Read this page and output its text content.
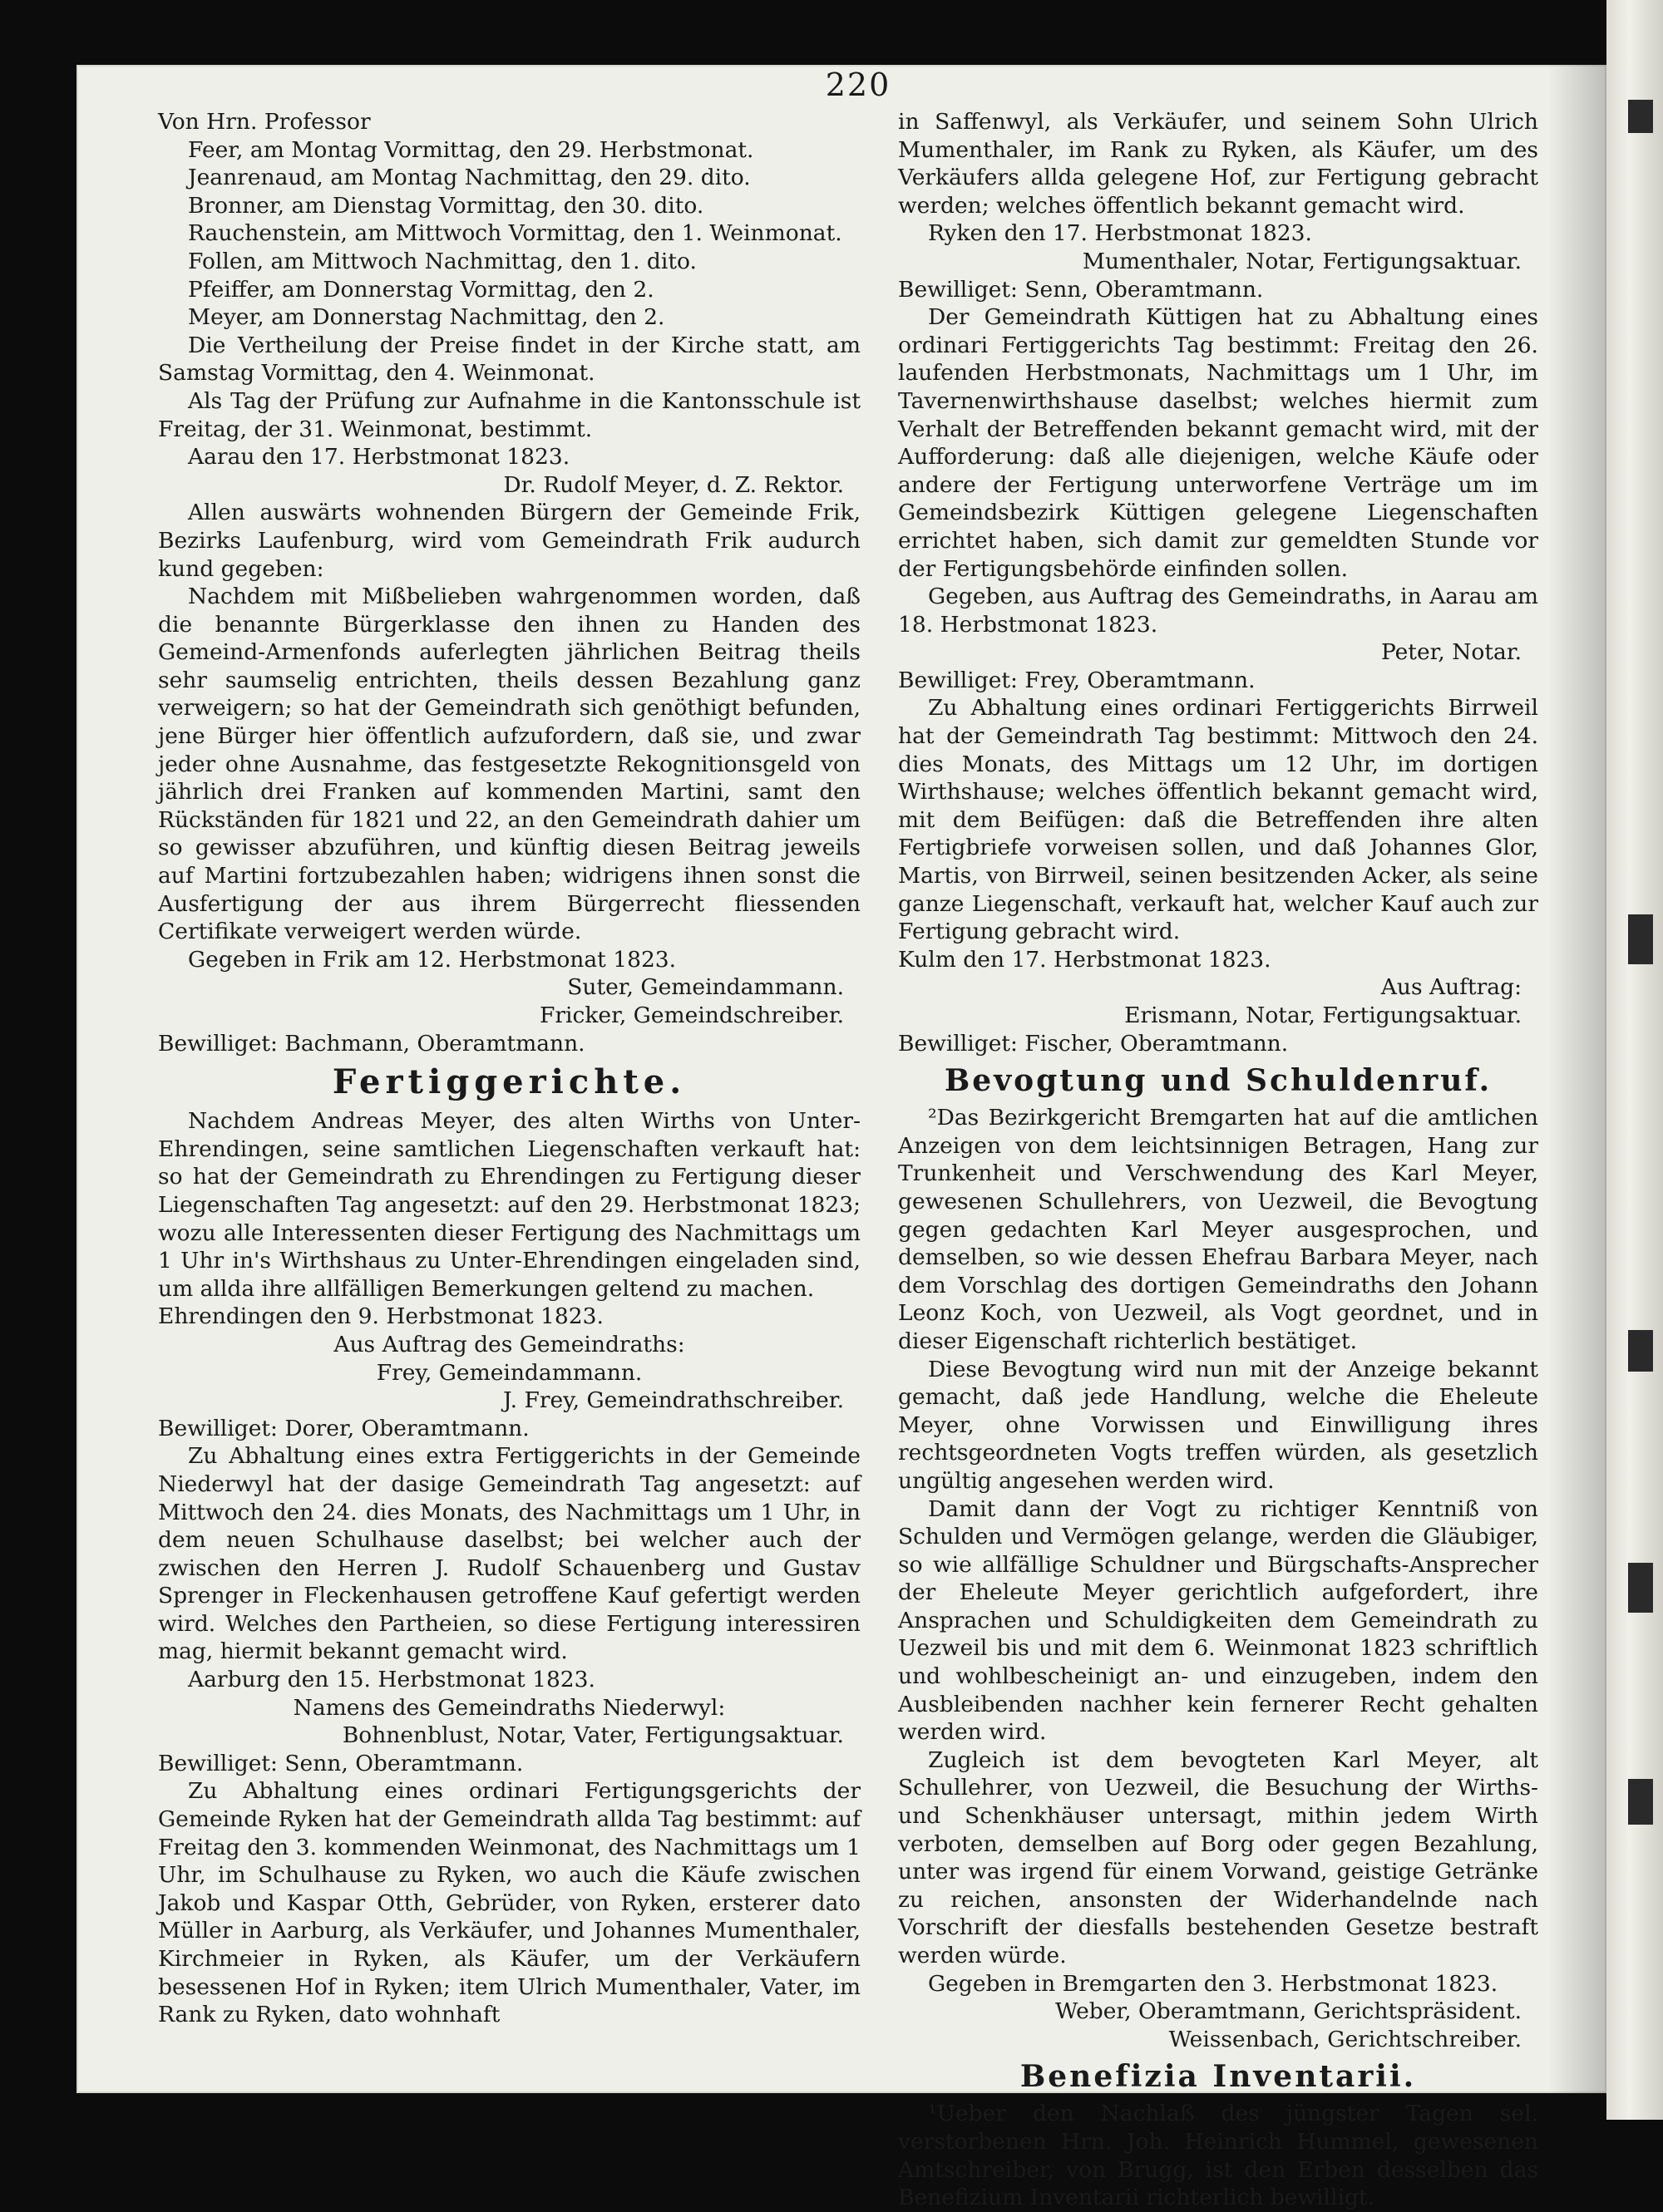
220

Von Hrn. Professor

Feer, am Montag Vormittag, den 29. Herbstmonat.

Jeanrenaud, am Montag Nachmittag, den 29. dito.

Bronner, am Dienstag Vormittag, den 30. dito.

Rauchenstein, am Mittwoch Vormittag, den 1. Weinmonat.

Follen, am Mittwoch Nachmittag, den 1. dito.

Pfeiffer, am Donnerstag Vormittag, den 2.

Meyer, am Donnerstag Nachmittag, den 2.

Die Vertheilung der Preise findet in der Kirche statt, am Samstag Vormittag, den 4. Weinmonat.

Als Tag der Prüfung zur Aufnahme in die Kantonsschule ist Freitag, der 31. Weinmonat, bestimmt.

Aarau den 17. Herbstmonat 1823.

Dr. Rudolf Meyer, d. Z. Rektor.

Allen auswärts wohnenden Bürgern der Gemeinde Frik, Bezirks Laufenburg, wird vom Gemeindrath Frik audurch kund gegeben:

Nachdem mit Mißbelieben wahrgenommen worden, daß die benannte Bürgerklasse den ihnen zu Handen des Gemeind-Armenfonds auferlegten jährlichen Beitrag theils sehr saumselig entrichten, theils dessen Bezahlung ganz verweigern; so hat der Gemeindrath sich genöthigt befunden, jene Bürger hier öffentlich aufzufordern, daß sie, und zwar jeder ohne Ausnahme, das festgesetzte Rekognitionsgeld von jährlich drei Franken auf kommenden Martini, samt den Rückständen für 1821 und 22, an den Gemeindrath dahier um so gewisser abzuführen, und künftig diesen Beitrag jeweils auf Martini fortzubezahlen haben; widrigens ihnen sonst die Ausfertigung der aus ihrem Bürgerrecht fliessenden Certifikate verweigert werden würde.

Gegeben in Frik am 12. Herbstmonat 1823.

Suter, Gemeindammann.

Fricker, Gemeindschreiber.

Bewilliget: Bachmann, Oberamtmann.

Fertiggerichte.

Nachdem Andreas Meyer, des alten Wirths von Unter-Ehrendingen, seine samtlichen Liegenschaften verkauft hat: so hat der Gemeindrath zu Ehrendingen zu Fertigung dieser Liegenschaften Tag angesetzt: auf den 29. Herbstmonat 1823; wozu alle Interessenten dieser Fertigung des Nachmittags um 1 Uhr in's Wirthshaus zu Unter-Ehrendingen eingeladen sind, um allda ihre allfälligen Bemerkungen geltend zu machen.

Ehrendingen den 9. Herbstmonat 1823.

Aus Auftrag des Gemeindraths:

Frey, Gemeindammann.

J. Frey, Gemeindrathschreiber.

Bewilliget: Dorer, Oberamtmann.

Zu Abhaltung eines extra Fertiggerichts in der Gemeinde Niederwyl hat der dasige Gemeindrath Tag angesetzt: auf Mittwoch den 24. dies Monats, des Nachmittags um 1 Uhr, in dem neuen Schulhause daselbst; bei welcher auch der zwischen den Herren J. Rudolf Schauenberg und Gustav Sprenger in Fleckenhausen getroffene Kauf gefertigt werden wird. Welches den Partheien, so diese Fertigung interessiren mag, hiermit bekannt gemacht wird.

Aarburg den 15. Herbstmonat 1823.

Namens des Gemeindraths Niederwyl:

Bohnenblust, Notar, Vater, Fertigungsaktuar.

Bewilliget: Senn, Oberamtmann.

Zu Abhaltung eines ordinari Fertigungsgerichts der Gemeinde Ryken hat der Gemeindrath allda Tag bestimmt: auf Freitag den 3. kommenden Weinmonat, des Nachmittags um 1 Uhr, im Schulhause zu Ryken, wo auch die Käufe zwischen Jakob und Kaspar Otth, Gebrüder, von Ryken, ersterer dato Müller in Aarburg, als Verkäufer, und Johannes Mumenthaler, Kirchmeier in Ryken, als Käufer, um der Verkäufern besessenen Hof in Ryken; item Ulrich Mumenthaler, Vater, im Rank zu Ryken, dato wohnhaft

in Saffenwyl, als Verkäufer, und seinem Sohn Ulrich Mumenthaler, im Rank zu Ryken, als Käufer, um des Verkäufers allda gelegene Hof, zur Fertigung gebracht werden; welches öffentlich bekannt gemacht wird.

Ryken den 17. Herbstmonat 1823.

Mumenthaler, Notar, Fertigungsaktuar.

Bewilliget: Senn, Oberamtmann.

Der Gemeindrath Küttigen hat zu Abhaltung eines ordinari Fertiggerichts Tag bestimmt: Freitag den 26. laufenden Herbstmonats, Nachmittags um 1 Uhr, im Tavernenwirthshause daselbst; welches hiermit zum Verhalt der Betreffenden bekannt gemacht wird, mit der Aufforderung: daß alle diejenigen, welche Käufe oder andere der Fertigung unterworfene Verträge um im Gemeindsbezirk Küttigen gelegene Liegenschaften errichtet haben, sich damit zur gemeldten Stunde vor der Fertigungsbehörde einfinden sollen.

Gegeben, aus Auftrag des Gemeindraths, in Aarau am 18. Herbstmonat 1823.

Peter, Notar.

Bewilliget: Frey, Oberamtmann.

Zu Abhaltung eines ordinari Fertiggerichts Birrweil hat der Gemeindrath Tag bestimmt: Mittwoch den 24. dies Monats, des Mittags um 12 Uhr, im dortigen Wirthshause; welches öffentlich bekannt gemacht wird, mit dem Beifügen: daß die Betreffenden ihre alten Fertigbriefe vorweisen sollen, und daß Johannes Glor, Martis, von Birrweil, seinen besitzenden Acker, als seine ganze Liegenschaft, verkauft hat, welcher Kauf auch zur Fertigung gebracht wird.

Kulm den 17. Herbstmonat 1823.

Aus Auftrag:

Erismann, Notar, Fertigungsaktuar.

Bewilliget: Fischer, Oberamtmann.

Bevogtung und Schuldenruf.

²Das Bezirkgericht Bremgarten hat auf die amtlichen Anzeigen von dem leichtsinnigen Betragen, Hang zur Trunkenheit und Verschwendung des Karl Meyer, gewesenen Schullehrers, von Uezweil, die Bevogtung gegen gedachten Karl Meyer ausgesprochen, und demselben, so wie dessen Ehefrau Barbara Meyer, nach dem Vorschlag des dortigen Gemeindraths den Johann Leonz Koch, von Uezweil, als Vogt geordnet, und in dieser Eigenschaft richterlich bestätiget.

Diese Bevogtung wird nun mit der Anzeige bekannt gemacht, daß jede Handlung, welche die Eheleute Meyer, ohne Vorwissen und Einwilligung ihres rechtsgeordneten Vogts treffen würden, als gesetzlich ungültig angesehen werden wird.

Damit dann der Vogt zu richtiger Kenntniß von Schulden und Vermögen gelange, werden die Gläubiger, so wie allfällige Schuldner und Bürgschafts-Ansprecher der Eheleute Meyer gerichtlich aufgefordert, ihre Ansprachen und Schuldigkeiten dem Gemeindrath zu Uezweil bis und mit dem 6. Weinmonat 1823 schriftlich und wohlbescheinigt an- und einzugeben, indem den Ausbleibenden nachher kein fernerer Recht gehalten werden wird.

Zugleich ist dem bevogteten Karl Meyer, alt Schullehrer, von Uezweil, die Besuchung der Wirths- und Schenkhäuser untersagt, mithin jedem Wirth verboten, demselben auf Borg oder gegen Bezahlung, unter was irgend für einem Vorwand, geistige Getränke zu reichen, ansonsten der Widerhandelnde nach Vorschrift der diesfalls bestehenden Gesetze bestraft werden würde.

Gegeben in Bremgarten den 3. Herbstmonat 1823.

Weber, Oberamtmann, Gerichtspräsident.

Weissenbach, Gerichtschreiber.

Benefizia Inventarii.

¹Ueber den Nachlaß des jüngster Tagen sel. verstorbenen Hrn. Joh. Heinrich Hummel, gewesenen Amtschreiber, von Brugg, ist den Erben desselben das Benefizium Inventarii richterlich bewilligt.
